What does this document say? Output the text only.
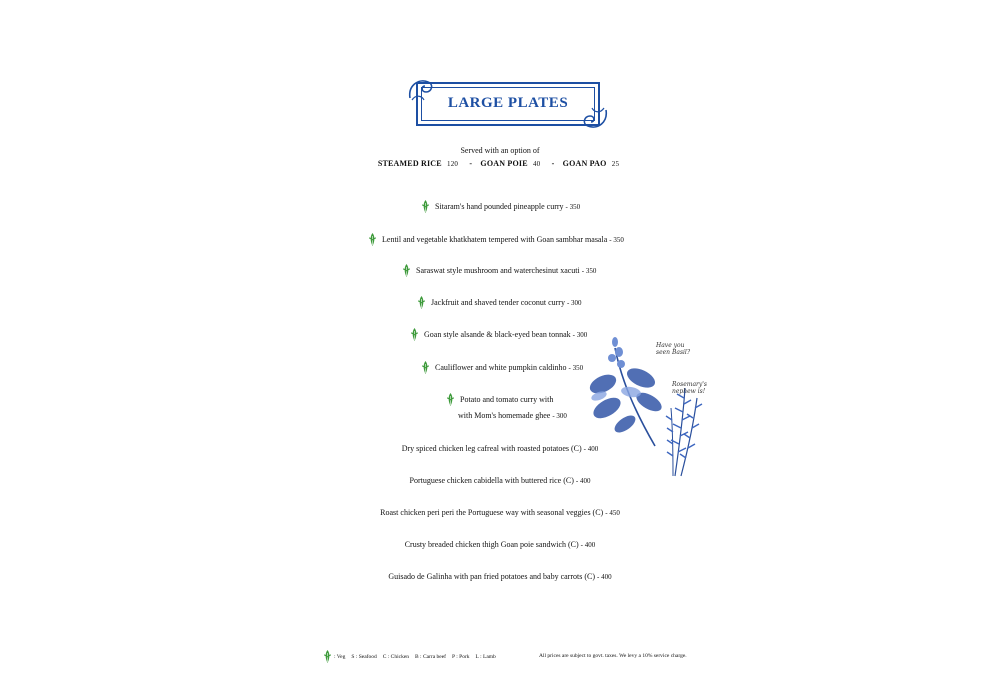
LARGE PLATES
Served with an option of
STEAMED RICE 120 - GOAN POIE 40 - GOAN PAO 25
Sitaram's hand pounded pineapple curry
- 350
Lentil and vegetable khatkhatem tempered with Goan sambhar masala
- 350
Saraswat style mushroom and waterchesinut xacuti
- 350
Jackfruit and shaved tender coconut curry
- 300
Goan style alsande & black-eyed bean tonnak
- 300
Cauliflower and white pumpkin caldinho
- 350
Potato and tomato curry with
with Mom's homemade ghee - 300
Dry spiced chicken leg cafreal with roasted potatoes (C)
- 400
Portuguese chicken cabidella with buttered rice (C)
- 400
Roast chicken peri peri the Portuguese way with seasonal veggies (C)
- 450
Crusty breaded chicken thigh Goan poie sandwich (C)
- 400
Guisado de Galinha with pan fried potatoes and baby carrots (C)
- 400
Have you seen Basil?
Rosemary's nephew is!
: Veg S : Seafood C : Chicken B : Carra beef P : Pork L : Lamb	All prices are subject to govt. taxes. We levy a 10% service charge.
